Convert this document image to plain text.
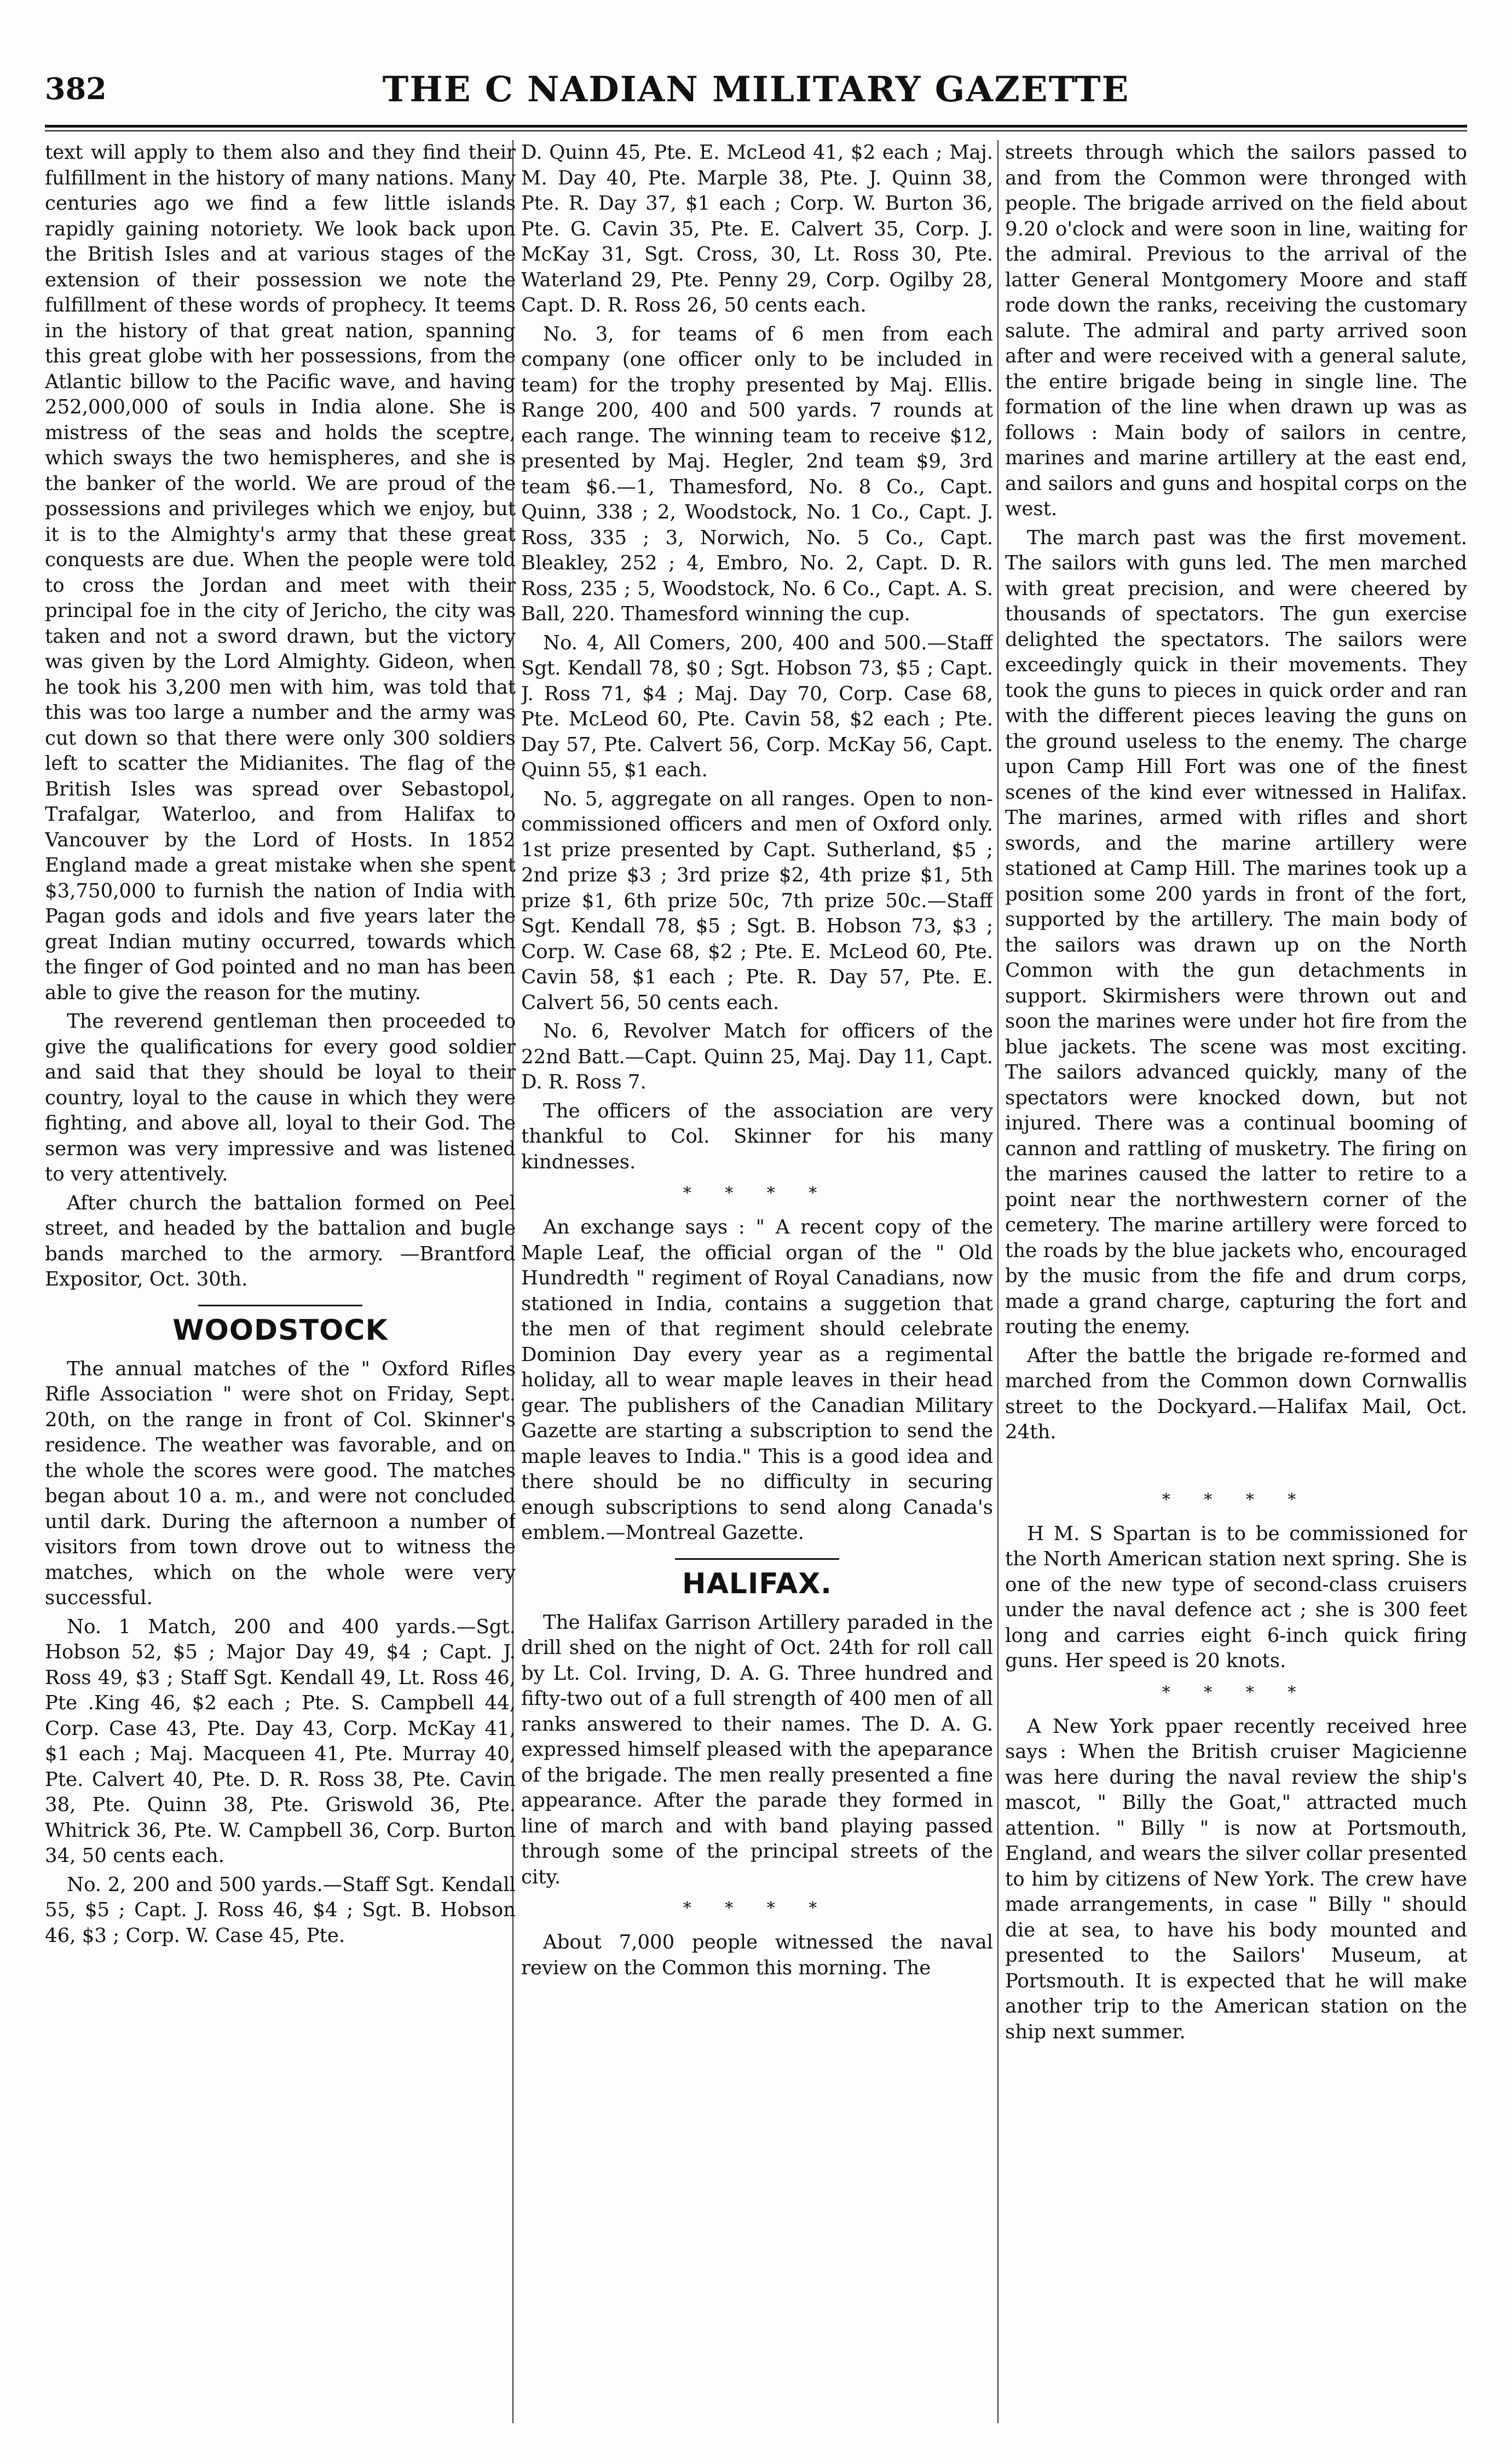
382	THE C NADIAN MILITARY GAZETTE

text will apply to them also and they find their fulfillment in the history of many nations. Many centuries ago we find a few little islands rapidly gaining notoriety. We look back upon the British Isles and at various stages of the extension of their possession we note the fulfillment of these words of prophecy. It teems in the history of that great nation, spanning this great globe with her possessions, from the Atlantic billow to the Pacific wave, and having 252,000,000 of souls in India alone. She is mistress of the seas and holds the sceptre, which sways the two hemispheres, and she is the banker of the world. We are proud of the possessions and privileges which we enjoy, but it is to the Almighty's army that these great conquests are due. When the people were told to cross the Jordan and meet with their principal foe in the city of Jericho, the city was taken and not a sword drawn, but the victory was given by the Lord Almighty. Gideon, when he took his 3,200 men with him, was told that this was too large a number and the army was cut down so that there were only 300 soldiers left to scatter the Midianites. The flag of the British Isles was spread over Sebastopol, Trafalgar, Waterloo, and from Halifax to Vancouver by the Lord of Hosts. In 1852 England made a great mistake when she spent $3,750,000 to furnish the nation of India with Pagan gods and idols and five years later the great Indian mutiny occurred, towards which the finger of God pointed and no man has been able to give the reason for the mutiny.

The reverend gentleman then proceeded to give the qualifications for every good soldier and said that they should be loyal to their country, loyal to the cause in which they were fighting, and above all, loyal to their God. The sermon was very impressive and was listened to very attentively.

After church the battalion formed on Peel street, and headed by the battalion and bugle bands marched to the armory. —Brantford Expositor, Oct. 30th.

WOODSTOCK

The annual matches of the " Oxford Rifles Rifle Association " were shot on Friday, Sept. 20th, on the range in front of Col. Skinner's residence. The weather was favorable, and on the whole the scores were good. The matches began about 10 a. m., and were not concluded until dark. During the afternoon a number of visitors from town drove out to witness the matches, which on the whole were very successful.

No. 1 Match, 200 and 400 yards.—Sgt. Hobson 52, $5 ; Major Day 49, $4 ; Capt. J. Ross 49, $3 ; Staff Sgt. Kendall 49, Lt. Ross 46, Pte .King 46, $2 each ; Pte. S. Campbell 44, Corp. Case 43, Pte. Day 43, Corp. McKay 41, $1 each ; Maj. Macqueen 41, Pte. Murray 40, Pte. Calvert 40, Pte. D. R. Ross 38, Pte. Cavin 38, Pte. Quinn 38, Pte. Griswold 36, Pte. Whitrick 36, Pte. W. Campbell 36, Corp. Burton 34, 50 cents each.

No. 2, 200 and 500 yards.—Staff Sgt. Kendall 55, $5 ; Capt. J. Ross 46, $4 ; Sgt. B. Hobson 46, $3 ; Corp. W. Case 45, Pte.

D. Quinn 45, Pte. E. McLeod 41, $2 each ; Maj. M. Day 40, Pte. Marple 38, Pte. J. Quinn 38, Pte. R. Day 37, $1 each ; Corp. W. Burton 36, Pte. G. Cavin 35, Pte. E. Calvert 35, Corp. J. McKay 31, Sgt. Cross, 30, Lt. Ross 30, Pte. Waterland 29, Pte. Penny 29, Corp. Ogilby 28, Capt. D. R. Ross 26, 50 cents each.

No. 3, for teams of 6 men from each company (one officer only to be included in team) for the trophy presented by Maj. Ellis. Range 200, 400 and 500 yards. 7 rounds at each range. The winning team to receive $12, presented by Maj. Hegler, 2nd team $9, 3rd team $6.—1, Thamesford, No. 8 Co., Capt. Quinn, 338 ; 2, Woodstock, No. 1 Co., Capt. J. Ross, 335 ; 3, Norwich, No. 5 Co., Capt. Bleakley, 252 ; 4, Embro, No. 2, Capt. D. R. Ross, 235 ; 5, Woodstock, No. 6 Co., Capt. A. S. Ball, 220. Thamesford winning the cup.

No. 4, All Comers, 200, 400 and 500.—Staff Sgt. Kendall 78, $0 ; Sgt. Hobson 73, $5 ; Capt. J. Ross 71, $4 ; Maj. Day 70, Corp. Case 68, Pte. McLeod 60, Pte. Cavin 58, $2 each ; Pte. Day 57, Pte. Calvert 56, Corp. McKay 56, Capt. Quinn 55, $1 each.

No. 5, aggregate on all ranges. Open to non-commissioned officers and men of Oxford only. 1st prize presented by Capt. Sutherland, $5 ; 2nd prize $3 ; 3rd prize $2, 4th prize $1, 5th prize $1, 6th prize 50c, 7th prize 50c.—Staff Sgt. Kendall 78, $5 ; Sgt. B. Hobson 73, $3 ; Corp. W. Case 68, $2 ; Pte. E. McLeod 60, Pte. Cavin 58, $1 each ; Pte. R. Day 57, Pte. E. Calvert 56, 50 cents each.

No. 6, Revolver Match for officers of the 22nd Batt.—Capt. Quinn 25, Maj. Day 11, Capt. D. R. Ross 7.

The officers of the association are very thankful to Col. Skinner for his many kindnesses.

* * * *

An exchange says : " A recent copy of the Maple Leaf, the official organ of the " Old Hundredth " regiment of Royal Canadians, now stationed in India, contains a suggetion that the men of that regiment should celebrate Dominion Day every year as a regimental holiday, all to wear maple leaves in their head gear. The publishers of the Canadian Military Gazette are starting a subscription to send the maple leaves to India." This is a good idea and there should be no difficulty in securing enough subscriptions to send along Canada's emblem.—Montreal Gazette.

HALIFAX.

The Halifax Garrison Artillery paraded in the drill shed on the night of Oct. 24th for roll call by Lt. Col. Irving, D. A. G. Three hundred and fifty-two out of a full strength of 400 men of all ranks answered to their names. The D. A. G. expressed himself pleased with the apeparance of the brigade. The men really presented a fine appearance. After the parade they formed in line of march and with band playing passed through some of the principal streets of the city.

* * * *

About 7,000 people witnessed the naval review on the Common this morning. The

streets through which the sailors passed to and from the Common were thronged with people. The brigade arrived on the field about 9.20 o'clock and were soon in line, waiting for the admiral. Previous to the arrival of the latter General Montgomery Moore and staff rode down the ranks, receiving the customary salute. The admiral and party arrived soon after and were received with a general salute, the entire brigade being in single line. The formation of the line when drawn up was as follows : Main body of sailors in centre, marines and marine artillery at the east end, and sailors and guns and hospital corps on the west.

The march past was the first movement. The sailors with guns led. The men marched with great precision, and were cheered by thousands of spectators. The gun exercise delighted the spectators. The sailors were exceedingly quick in their movements. They took the guns to pieces in quick order and ran with the different pieces leaving the guns on the ground useless to the enemy. The charge upon Camp Hill Fort was one of the finest scenes of the kind ever witnessed in Halifax. The marines, armed with rifles and short swords, and the marine artillery were stationed at Camp Hill. The marines took up a position some 200 yards in front of the fort, supported by the artillery. The main body of the sailors was drawn up on the North Common with the gun detachments in support. Skirmishers were thrown out and soon the marines were under hot fire from the blue jackets. The scene was most exciting. The sailors advanced quickly, many of the spectators were knocked down, but not injured. There was a continual booming of cannon and rattling of musketry. The firing on the marines caused the latter to retire to a point near the northwestern corner of the cemetery. The marine artillery were forced to the roads by the blue jackets who, encouraged by the music from the fife and drum corps, made a grand charge, capturing the fort and routing the enemy.

After the battle the brigade re-formed and marched from the Common down Cornwallis street to the Dockyard.—Halifax Mail, Oct. 24th.

* * * *

H M. S Spartan is to be commissioned for the North American station next spring. She is one of the new type of second-class cruisers under the naval defence act ; she is 300 feet long and carries eight 6-inch quick firing guns. Her speed is 20 knots.

* * * *

A New York ppaer recently received hree says : When the British cruiser Magicienne was here during the naval review the ship's mascot, " Billy the Goat," attracted much attention. " Billy " is now at Portsmouth, England, and wears the silver collar presented to him by citizens of New York. The crew have made arrangements, in case " Billy " should die at sea, to have his body mounted and presented to the Sailors' Museum, at Portsmouth. It is expected that he will make another trip to the American station on the ship next summer.
